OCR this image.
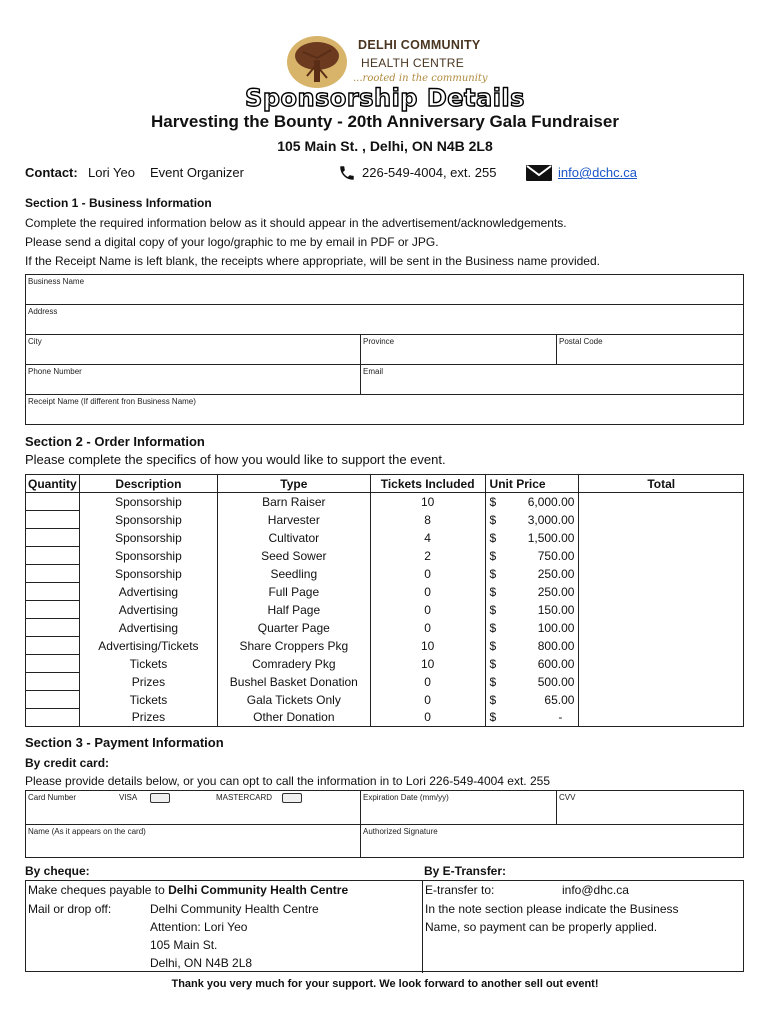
DELHI COMMUNITY
HEALTH CENTRE
...rooted in the community
Sponsorship Details
Harvesting the Bounty - 20th Anniversary Gala Fundraiser
105 Main St. , Delhi, ON N4B 2L8
Contact: Lori Yeo Event Organizer	226-549-4004, ext. 255	info@dchc.ca
Section 1 - Business Information
Complete the required information below as it should appear in the advertisement/acknowledgements.
Please send a digital copy of your logo/graphic to me by email in PDF or JPG.
If the Receipt Name is left blank, the receipts where appropriate, will be sent in the Business name provided.
Business Name
Address
City	Province	Postal Code
Phone Number	Email
Receipt Name (If different fron Business Name)
Section 2 - Order Information
Please complete the specifics of how you would like to support the event.
Quantity	Description	Type	Tickets Included	Unit Price	Total
	Sponsorship	Barn Raiser	10	$ 6,000.00	

	Sponsorship	Harvester	8	$ 3,000.00	

	Sponsorship	Cultivator	4	$ 1,500.00	

	Sponsorship	Seed Sower	2	$ 750.00	

	Sponsorship	Seedling	0	$ 250.00	

	Advertising	Full Page	0	$ 250.00	

	Advertising	Half Page	0	$ 150.00	

	Advertising	Quarter Page	0	$ 100.00	

	Advertising/Tickets	Share Croppers Pkg	10	$ 800.00	

	Tickets	Comradery Pkg	10	$ 600.00	

	Prizes	Bushel Basket Donation	0	$ 500.00	

	Tickets	Gala Tickets Only	0	$ 65.00	

	Prizes	Other Donation	0	$ -	

Section 3 - Payment Information
By credit card:
Please provide details below, or you can opt to call the information in to Lori 226-549-4004 ext. 255
Card Number	VISA	MASTERCARD	Expiration Date (mm/yy)	CVV
Name (As it appears on the card)	Authorized Signature
By cheque:	By E-Transfer:
Make cheques payable to Delhi Community Health Centre
Mail or drop off:	Delhi Community Health Centre
Attention: Lori Yeo
105 Main St.
Delhi, ON N4B 2L8
E-transfer to:	info@dhc.ca
In the note section please indicate the Business
Name, so payment can be properly applied.
Thank you very much for your support. We look forward to another sell out event!
